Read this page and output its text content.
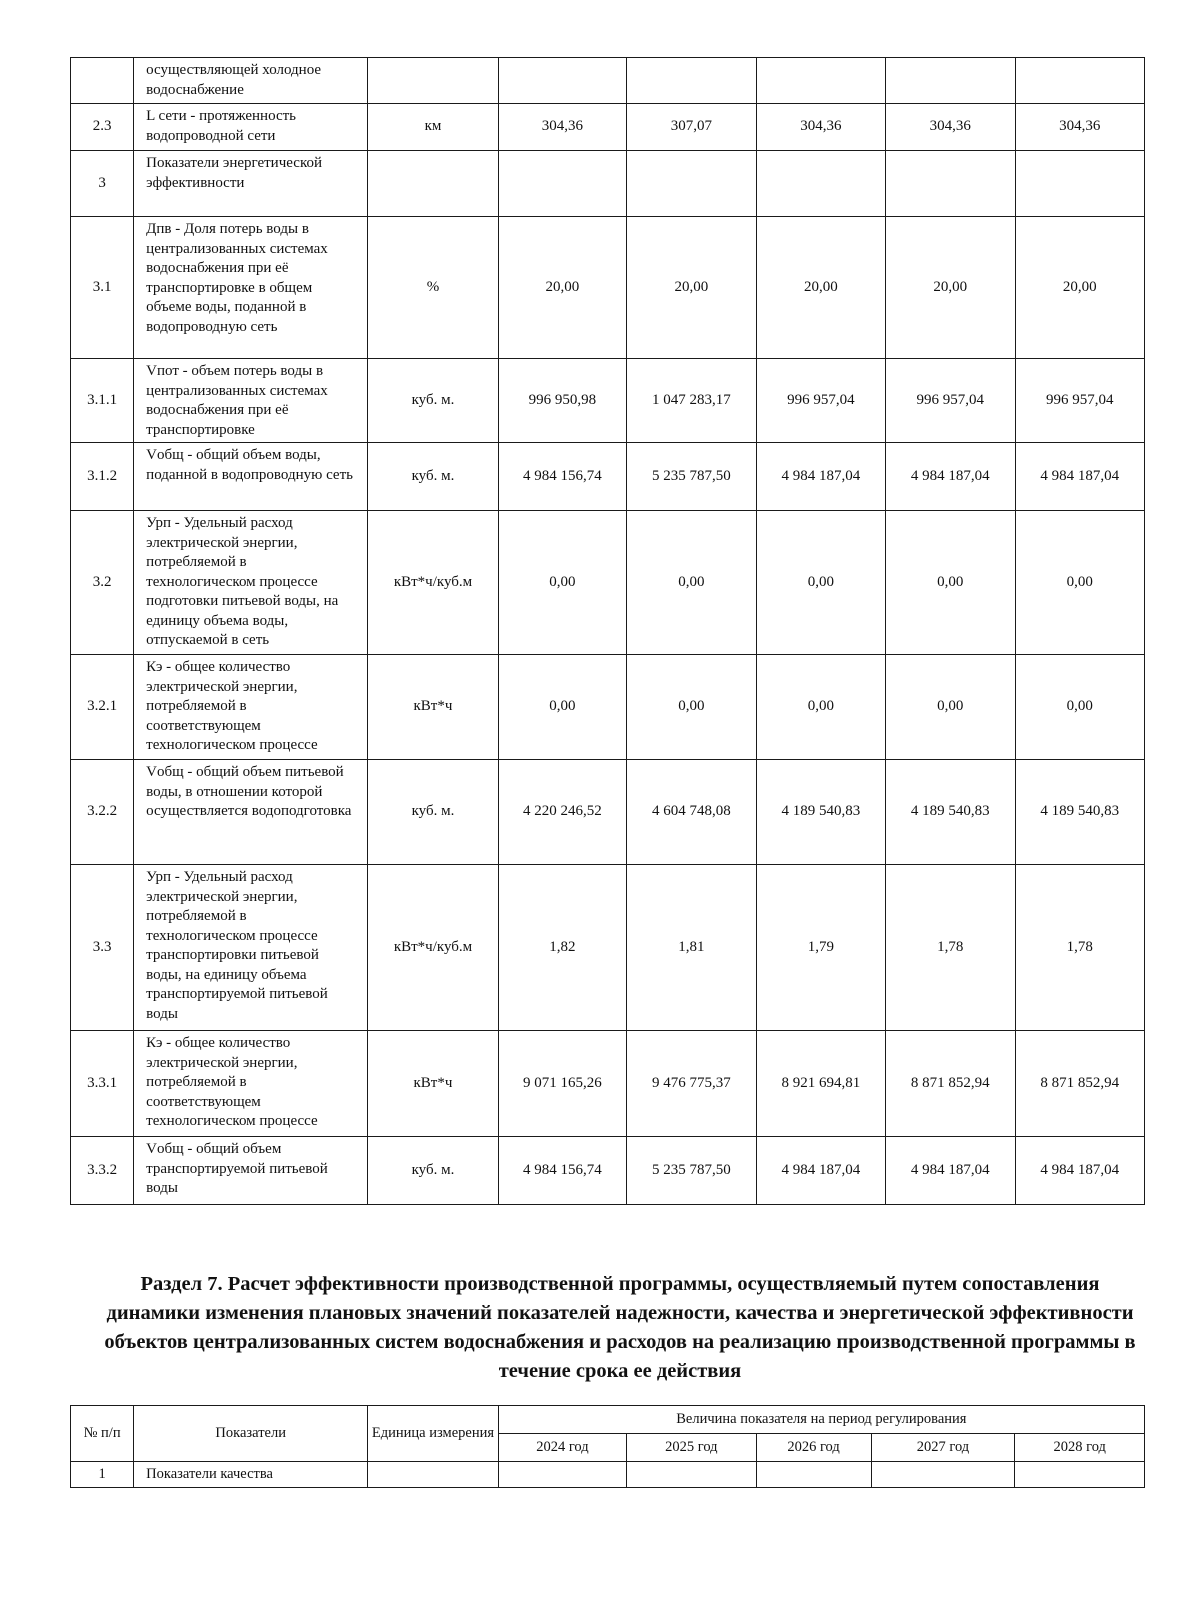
	осуществляющей холодное водоснабжение						
2.3	L сети - протяженность водопроводной сети	км	304,36	307,07	304,36	304,36	304,36
3	Показатели энергетической эффективности						
3.1	Дпв - Доля потерь воды в централизованных системах водоснабжения при её транспортировке в общем объеме воды, поданной в водопроводную сеть	%	20,00	20,00	20,00	20,00	20,00
3.1.1	Vпот - объем потерь воды в централизованных системах водоснабжения при её транспортировке	куб. м.	996 950,98	1 047 283,17	996 957,04	996 957,04	996 957,04
3.1.2	Vобщ - общий объем воды, поданной в водопроводную сеть	куб. м.	4 984 156,74	5 235 787,50	4 984 187,04	4 984 187,04	4 984 187,04
3.2	Урп - Удельный расход электрической энергии, потребляемой в технологическом процессе подготовки питьевой воды, на единицу объема воды, отпускаемой в сеть	кВт*ч/куб.м	0,00	0,00	0,00	0,00	0,00
3.2.1	Кэ - общее количество электрической энергии, потребляемой в соответствующем технологическом процессе	кВт*ч	0,00	0,00	0,00	0,00	0,00
3.2.2	Vобщ - общий объем питьевой воды, в отношении которой осуществляется водоподготовка	куб. м.	4 220 246,52	4 604 748,08	4 189 540,83	4 189 540,83	4 189 540,83
3.3	Урп - Удельный расход электрической энергии, потребляемой в технологическом процессе транспортировки питьевой воды, на единицу объема транспортируемой питьевой воды	кВт*ч/куб.м	1,82	1,81	1,79	1,78	1,78
3.3.1	Кэ - общее количество электрической энергии, потребляемой в соответствующем технологическом процессе	кВт*ч	9 071 165,26	9 476 775,37	8 921 694,81	8 871 852,94	8 871 852,94
3.3.2	Vобщ - общий объем транспортируемой питьевой воды	куб. м.	4 984 156,74	5 235 787,50	4 984 187,04	4 984 187,04	4 984 187,04
Раздел 7. Расчет эффективности производственной программы, осуществляемый путем сопоставления динамики изменения плановых значений показателей надежности, качества и энергетической эффективности объектов централизованных систем водоснабжения и расходов на реализацию производственной программы в течение срока ее действия
№ п/п	Показатели	Единица измерения	Величина показателя на период регулирования				
			2024 год	2025 год	2026 год	2027 год	2028 год
1	Показатели качества						
